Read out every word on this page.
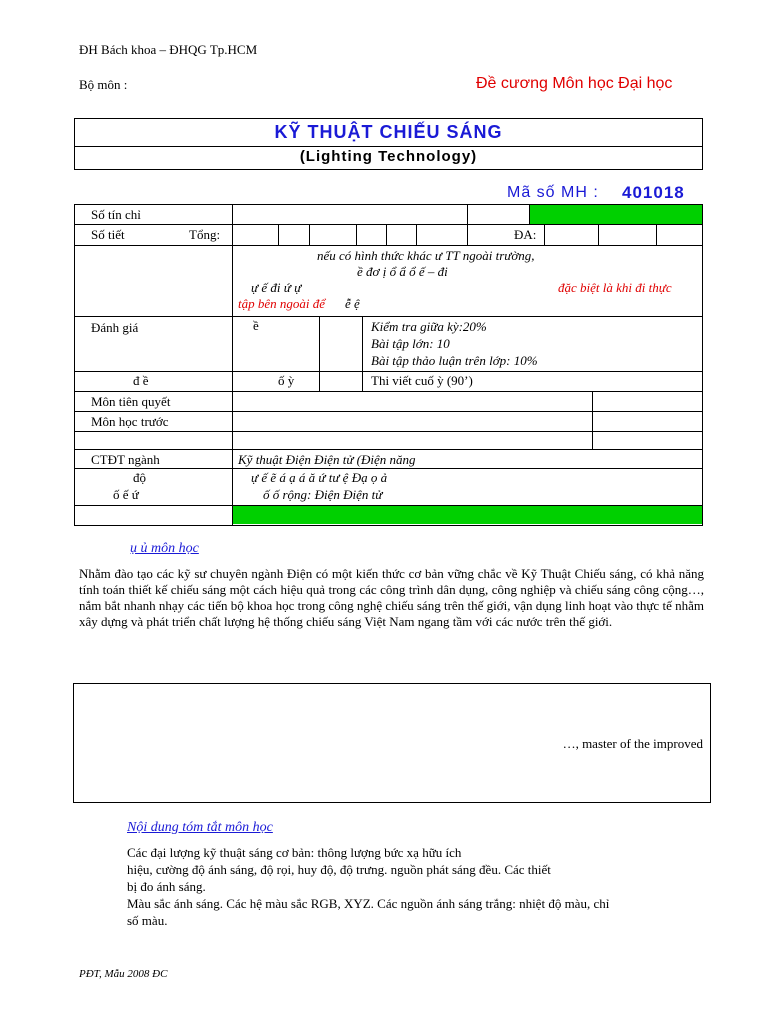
ĐH Bách khoa – ĐHQG Tp.HCM
Bộ môn :	Đề cương Môn học Đại học
KỸ THUẬT CHIẾU SÁNG
(Lighting Technology)
Mã số MH : 401018
Số tín chỉ
Số tiết	Tổng:	ĐA:
nếu có hình thức khác ư TT ngoài trường,
ề đơ ị ổ ẩ ổ ế – đi
ự ế đi ứ ự	đặc biệt là khi đi thực
tập bên ngoài để ễ ệ
Đánh giá	ề	Kiểm tra giữa kỳ:20%
Bài tập lớn: 10
Bài tập thảo luận trên lớp: 10%
đ ề	ố ỳ	Thi viết cuố ỳ (90’)
Môn tiên quyết
Môn học trước
CTĐT ngành	Kỹ thuật Điện Điện tử (Điện năng
độ
ố ế ứ
ự ế ẽ á ạ á ă ứ tư ệ Đạ ọ ả
ố ố rộng: Điện Điện tử
ụ ủ môn học
Nhằm đào tạo các kỹ sư chuyên ngành Điện có một kiến thức cơ bản vững chắc về Kỹ Thuật Chiếu sáng, có khả năng tính toán thiết kế chiếu sáng một cách hiệu quả trong các công trình dân dụng, công nghiệp và chiếu sáng công cộng…, nắm bắt nhanh nhạy các tiến bộ khoa học trong công nghệ chiếu sáng trên thế giới, vận dụng linh hoạt vào thực tế nhằm xây dựng và phát triển chất lượng hệ thống chiếu sáng Việt Nam ngang tầm với các nước trên thế giới.
…, master of the improved
Nội dung tóm tắt môn học
Các đại lượng kỹ thuật sáng cơ bản: thông lượng bức xạ hữu ích
hiệu, cường độ ánh sáng, độ rọi, huy độ, độ trưng. nguồn phát sáng đều. Các thiết
bị đo ánh sáng.
Màu sắc ánh sáng. Các hệ màu sắc RGB, XYZ. Các nguồn ánh sáng trắng: nhiệt độ màu, chỉ
số màu.
PĐT, Mẫu 2008 ĐC
